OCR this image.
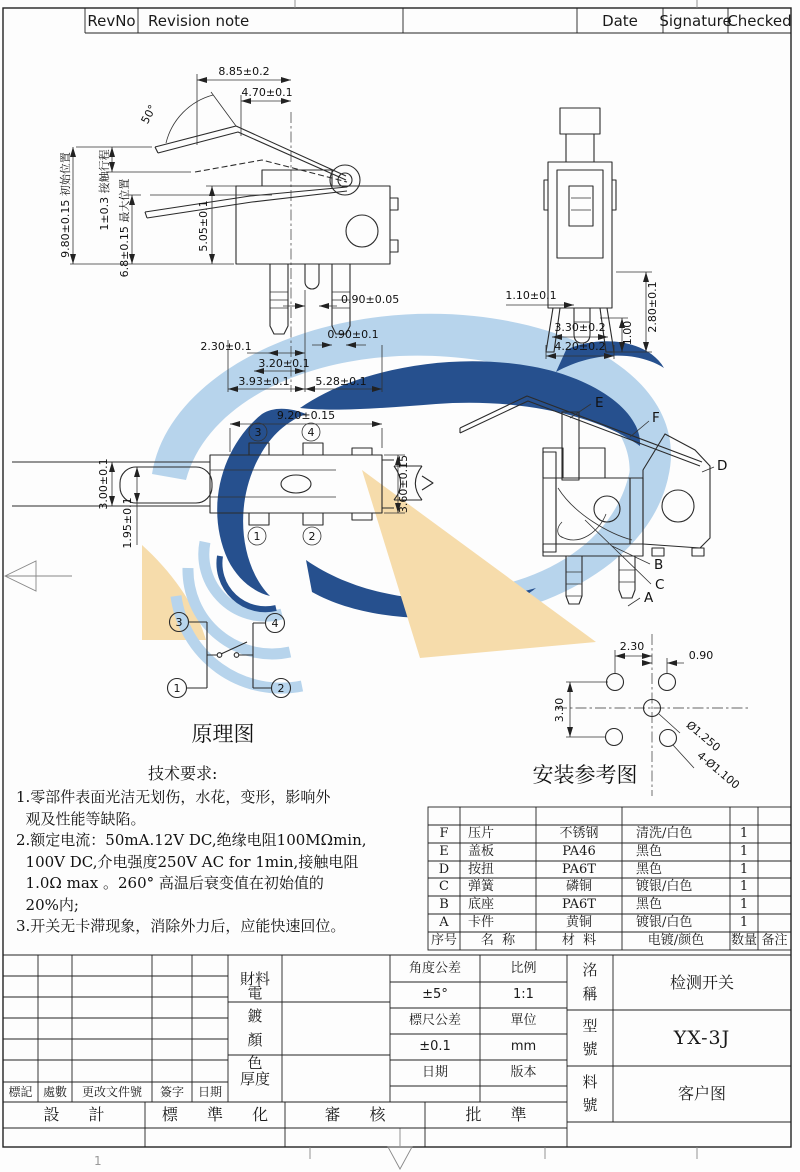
1
8.85±0.2
4.70±0.1
50°
9.80±0.15 初始位置 1±0.3 接触行程 6.8±0.15 最大位置	5.05±0.1
0.90±0.05
0.90±0.1
2.30±0.1
3.20±0.1
3.93±0.1 5.28±0.1
1.10±0.1	2.80±0.1
1.00
3.30±0.2
4.20±0.2
3	4
1	2
9.20±0.15
3.00±0.1
1.95±0.1
3.60±0.15
E
F
D
B
C
A
3	4
1	2
原理图
3.30
2.30
0.90
Ø1.250
4-Ø1.100
安装参考图
RevNo Revision note	Date	Signature
Checked
技术要求:
1.零部件表面光洁无划伤，水花，变形，影响外
观及性能等缺陷。
2.额定电流：50mA.12V DC,绝缘电阻100MΩmin,
100V DC,介电强度250V AC for 1min,接触电阻
1.0Ω max 。260° 高温后衰变值在初始值的
20%内;
3.开关无卡滞现象，消除外力后，应能快速回位。
F	压片	不锈钢	清洗/白色	1
E	盖板	PA46	黑色	1
D	按扭	PA6T	黑色	1
C	弹簧	磷铜	镀银/白色	1
B	底座	PA6T	黑色	1
A	卡件	黄铜	镀银/白色	1
序号	名  称	材  料	电镀/颜色	数量 备注
標記 處數	更改文件號	簽字	日期
財料
電鍍顏色
厚度
角度公差	比例
±5°	1:1
標尺公差	單位
±0.1	mm
日期	版本
設 計	標 準 化	審 核	批 準
洺稱
检测开关
型號
YX-3J
料號
客户图
